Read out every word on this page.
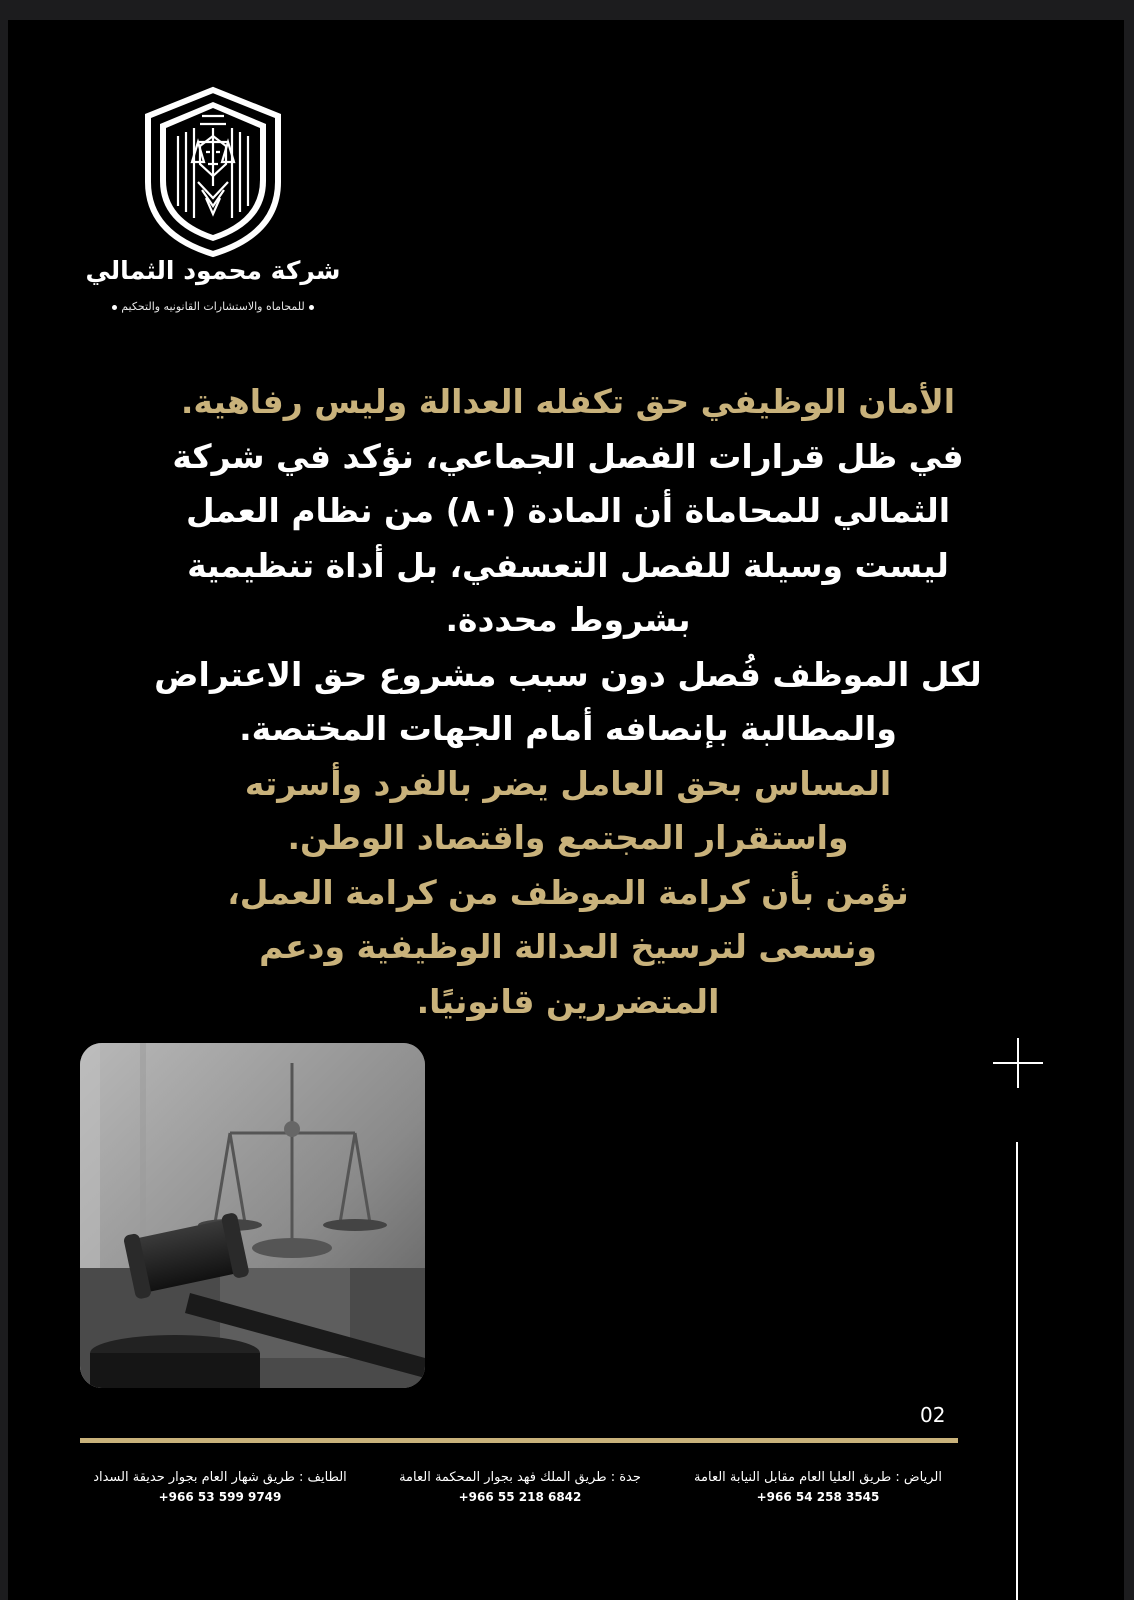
شركة محمود الثمالي
للمحاماه والاستشارات القانونيه والتحكيم
الأمان الوظيفي حق تكفله العدالة وليس رفاهية.
في ظل قرارات الفصل الجماعي، نؤكد في شركة
الثمالي للمحاماة أن المادة (٨٠) من نظام العمل
ليست وسيلة للفصل التعسفي، بل أداة تنظيمية
بشروط محددة.
لكل الموظف فُصل دون سبب مشروع حق الاعتراض
والمطالبة بإنصافه أمام الجهات المختصة.
المساس بحق العامل يضر بالفرد وأسرته
واستقرار المجتمع واقتصاد الوطن.
نؤمن بأن كرامة الموظف من كرامة العمل،
ونسعى لترسيخ العدالة الوظيفية ودعم
المتضررين قانونيًا.
02
الرياض : طريق العليا العام مقابل النيابة العامة
+966 54 258 3545
جدة : طريق الملك فهد بجوار المحكمة العامة
+966 55 218 6842
الطايف : طريق شهار العام بجوار حديقة السداد
+966 53 599 9749
